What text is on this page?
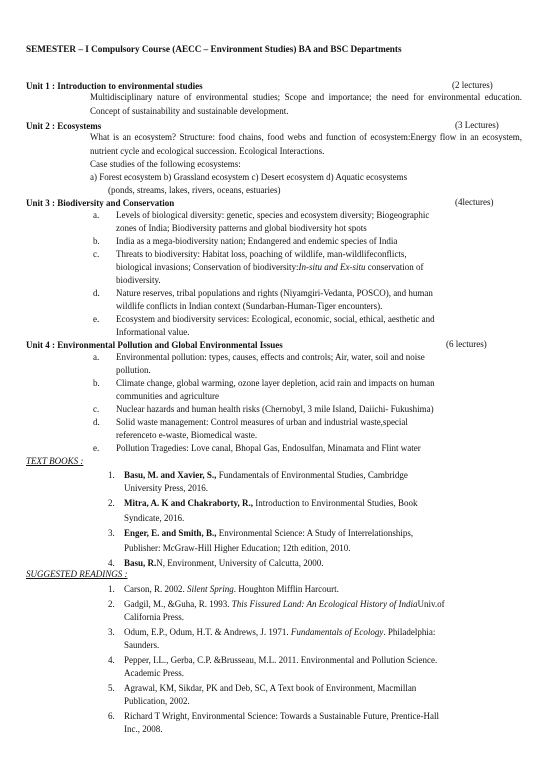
SEMESTER – I Compulsory Course (AECC – Environment Studies) BA and BSC Departments
Unit 1 : Introduction to environmental studies	(2 lectures)
Multidisciplinary nature of environmental studies; Scope and importance; the need for environmental education. Concept of sustainability and sustainable development.
Unit 2 : Ecosystems	(3 Lectures)
What is an ecosystem? Structure: food chains, food webs and function of ecosystem:Energy flow in an ecosystem, nutrient cycle and ecological succession. Ecological Interactions.
Case studies of the following ecosystems:
a) Forest ecosystem b) Grassland ecosystem c) Desert ecosystem d) Aquatic ecosystems
(ponds, streams, lakes, rivers, oceans, estuaries)
Unit 3 : Biodiversity and Conservation	(4lectures)
a. Levels of biological diversity: genetic, species and ecosystem diversity; Biogeographic
zones of India; Biodiversity patterns and global biodiversity hot spots
b. India as a mega-biodiversity nation; Endangered and endemic species of India
c. Threats to biodiversity: Habitat loss, poaching of wildlife, man-wildlifeconflicts,
biological invasions; Conservation of biodiversity:In-situ and Ex-situ conservation of
biodiversity.
d. Nature reserves, tribal populations and rights (Niyamgiri-Vedanta, POSCO), and human
wildlife conflicts in Indian context (Sundarban-Human-Tiger encounters).
e. Ecosystem and biodiversity services: Ecological, economic, social, ethical, aesthetic and
Informational value.
Unit 4 : Environmental Pollution and Global Environmental Issues	(6 lectures)
a. Environmental pollution: types, causes, effects and controls; Air, water, soil and noise
pollution.
b. Climate change, global warming, ozone layer depletion, acid rain and impacts on human
communities and agriculture
c. Nuclear hazards and human health risks (Chernobyl, 3 mile Island, Daiichi- Fukushima)
d. Solid waste management: Control measures of urban and industrial waste,special
referenceto e-waste, Biomedical waste.
e. Pollution Tragedies: Love canal, Bhopal Gas, Endosulfan, Minamata and Flint water
TEXT BOOKS :
1. Basu, M. and Xavier, S., Fundamentals of Environmental Studies, Cambridge
University Press, 2016.
2. Mitra, A. K and Chakraborty, R., Introduction to Environmental Studies, Book
Syndicate, 2016.
3. Enger, E. and Smith, B., Environmental Science: A Study of Interrelationships,
Publisher: McGraw-Hill Higher Education; 12th edition, 2010.
4. Basu, R.N, Environment, University of Calcutta, 2000.
SUGGESTED READINGS :
1. Carson, R. 2002. Silent Spring. Houghton Mifflin Harcourt.
2. Gadgil, M., &Guha, R. 1993. This Fissured Land: An Ecological History of IndiaUniv.of
California Press.
3. Odum, E.P., Odum, H.T. & Andrews, J. 1971. Fundamentals of Ecology. Philadelphia:
Saunders.
4. Pepper, I.L., Gerba, C.P. &Brusseau, M.L. 2011. Environmental and Pollution Science.
Academic Press.
5. Agrawal, KM, Sikdar, PK and Deb, SC, A Text book of Environment, Macmillan
Publication, 2002.
6. Richard T Wright, Environmental Science: Towards a Sustainable Future, Prentice-Hall
Inc., 2008.
